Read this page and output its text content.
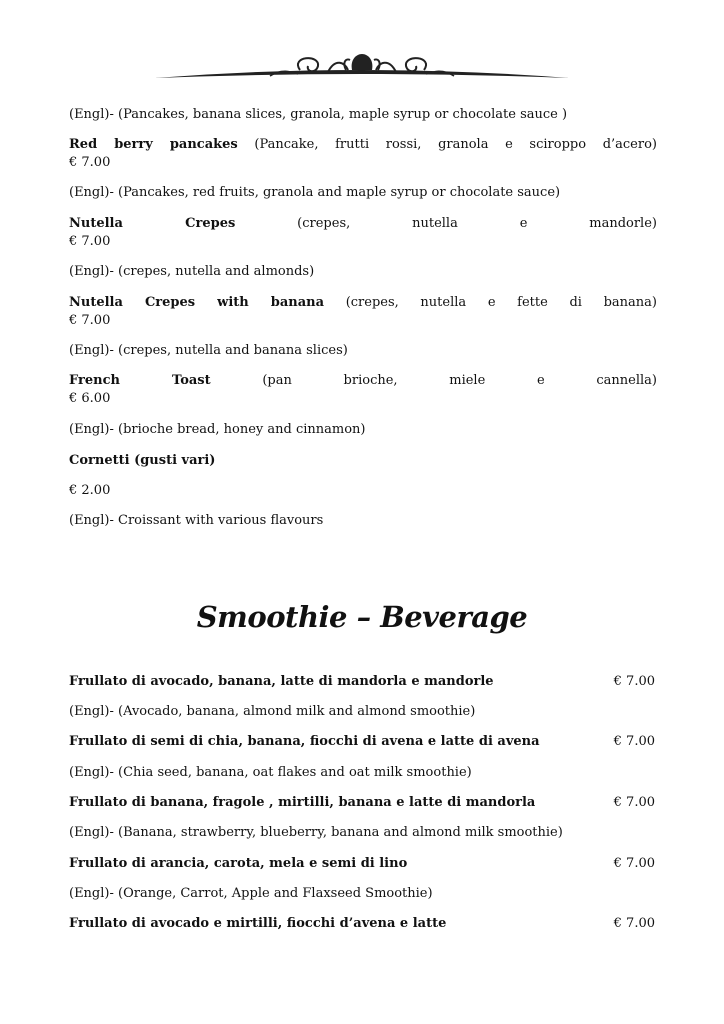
(Engl)- (Pancakes, banana slices, granola, maple syrup or chocolate sauce )
Red berry pancakes (Pancake, frutti rossi, granola e sciroppo d’acero)
€ 7.00
(Engl)- (Pancakes, red fruits, granola and maple syrup or chocolate sauce)
Nutella Crepes	(crepes, nutella e mandorle)
€ 7.00
(Engl)- (crepes, nutella and almonds)
Nutella Crepes with banana (crepes, nutella e fette di banana)
€ 7.00
(Engl)- (crepes, nutella and banana slices)
French Toast	(pan brioche, miele e cannella)
€ 6.00
(Engl)- (brioche bread, honey and cinnamon)
Cornetti (gusti vari)
€ 2.00
(Engl)- Croissant with various flavours
Smoothie – Beverage
Frullato di avocado, banana, latte di mandorla e mandorle	€ 7.00
(Engl)- (Avocado, banana, almond milk and almond smoothie)
Frullato di semi di chia, banana, fiocchi di avena e latte di avena	€ 7.00
(Engl)- (Chia seed, banana, oat flakes and oat milk smoothie)
Frullato di banana, fragole , mirtilli, banana e latte di mandorla	€ 7.00
(Engl)- (Banana, strawberry, blueberry, banana and almond milk smoothie)
Frullato di arancia, carota, mela e semi di lino	€ 7.00
(Engl)- (Orange, Carrot, Apple and Flaxseed Smoothie)
Frullato di avocado e mirtilli, fiocchi d’avena e latte	€ 7.00
